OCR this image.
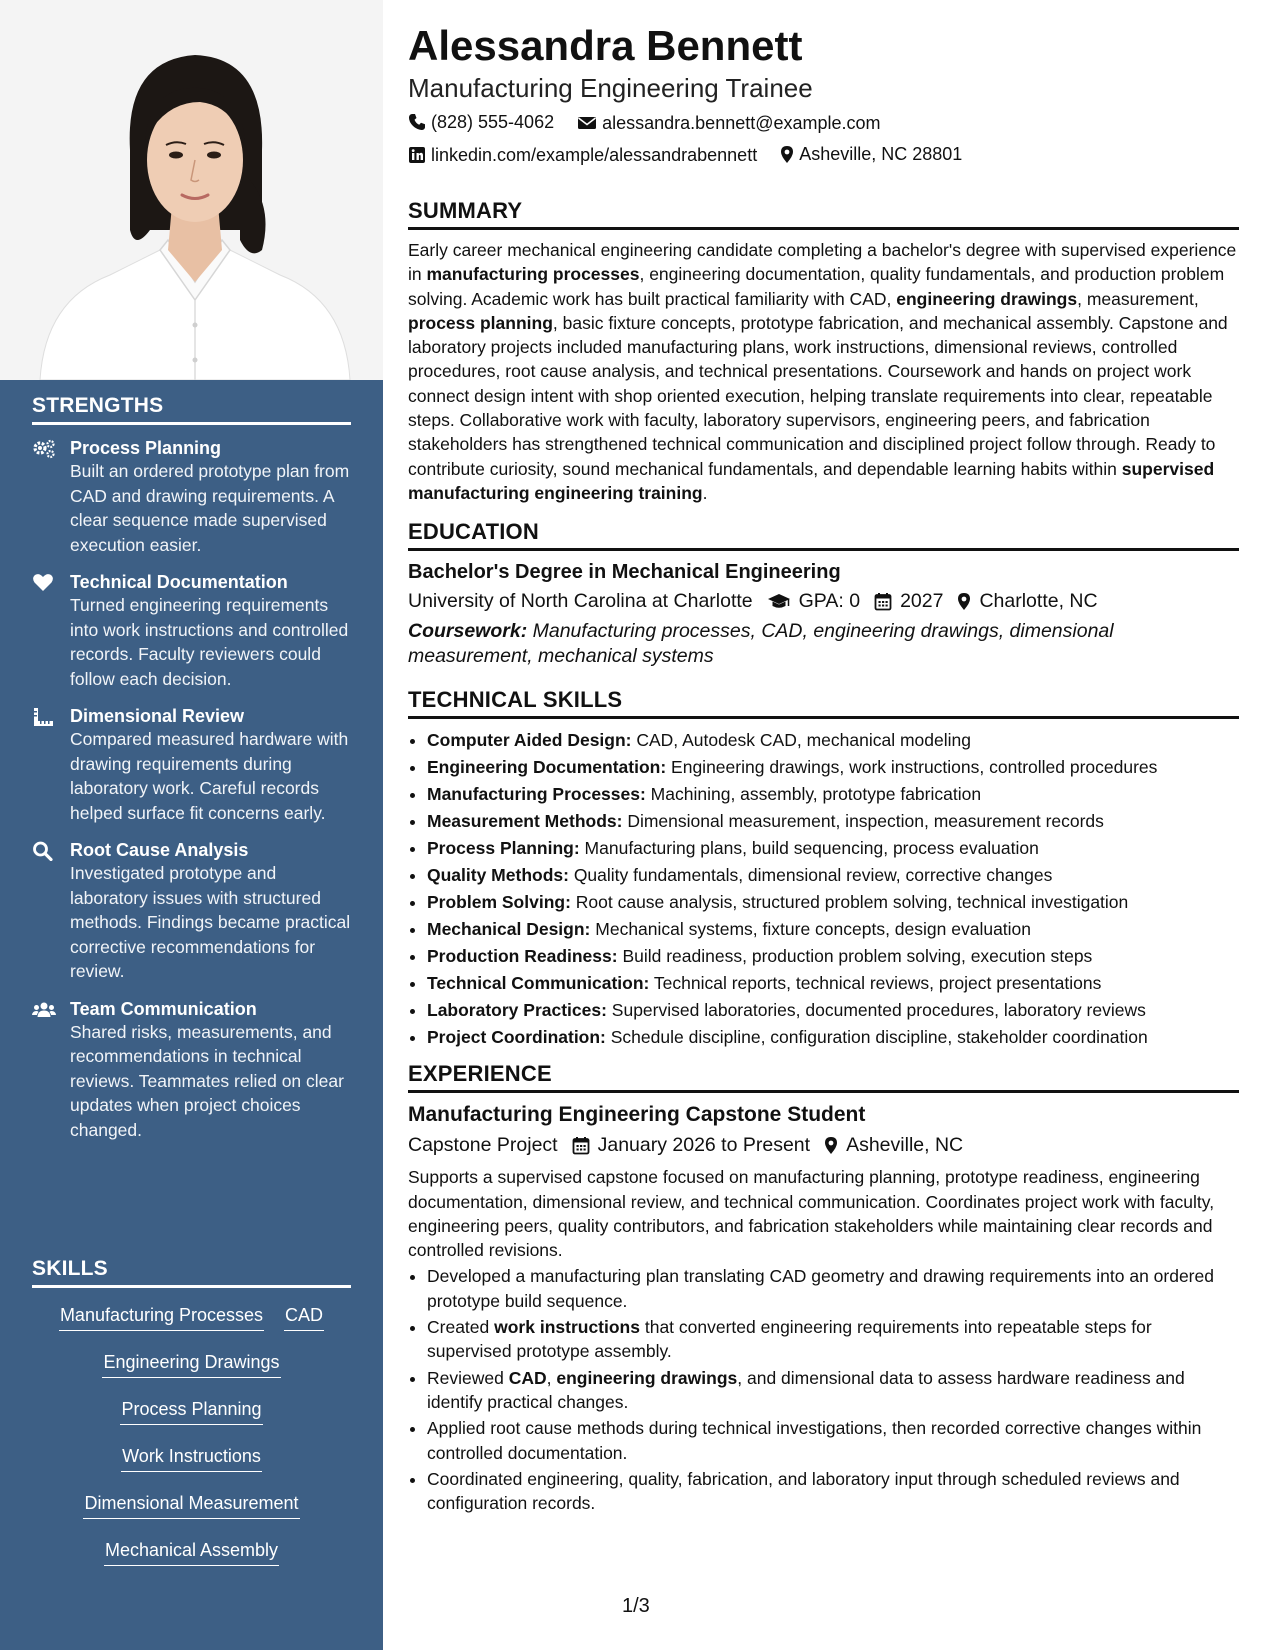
STRENGTHS
Process Planning
Built an ordered prototype plan from CAD and drawing requirements. A clear sequence made supervised execution easier.
Technical Documentation
Turned engineering requirements into work instructions and controlled records. Faculty reviewers could follow each decision.
Dimensional Review
Compared measured hardware with drawing requirements during laboratory work. Careful records helped surface fit concerns early.
Root Cause Analysis
Investigated prototype and laboratory issues with structured methods. Findings became practical corrective recommendations for review.
Team Communication
Shared risks, measurements, and recommendations in technical reviews. Teammates relied on clear updates when project choices changed.
SKILLS
Manufacturing Processes CAD
Engineering Drawings
Process Planning
Work Instructions
Dimensional Measurement
Mechanical Assembly
Alessandra Bennett
Manufacturing Engineering Trainee
(828) 555-4062
	alessandra.bennett@example.com
linkedin.com/example/alessandrabennett
Asheville, NC 28801
SUMMARY
Early career mechanical engineering candidate completing a bachelor's degree with supervised experience in manufacturing processes, engineering documentation, quality fundamentals, and production problem solving. Academic work has built practical familiarity with CAD, engineering drawings, measurement, process planning, basic fixture concepts, prototype fabrication, and mechanical assembly. Capstone and laboratory projects included manufacturing plans, work instructions, dimensional reviews, controlled procedures, root cause analysis, and technical presentations. Coursework and hands on project work connect design intent with shop oriented execution, helping translate requirements into clear, repeatable steps. Collaborative work with faculty, laboratory supervisors, engineering peers, and fabrication stakeholders has strengthened technical communication and disciplined project follow through. Ready to contribute curiosity, sound mechanical fundamentals, and dependable learning habits within supervised manufacturing engineering training.
EDUCATION
Bachelor's Degree in Mechanical Engineering
University of North Carolina at Charlotte GPA: 0 2027 Charlotte, NC
Coursework: Manufacturing processes, CAD, engineering drawings, dimensional measurement, mechanical systems
TECHNICAL SKILLS
• Computer Aided Design: CAD, Autodesk CAD, mechanical modeling
• Engineering Documentation: Engineering drawings, work instructions, controlled procedures
• Manufacturing Processes: Machining, assembly, prototype fabrication
• Measurement Methods: Dimensional measurement, inspection, measurement records
• Process Planning: Manufacturing plans, build sequencing, process evaluation
• Quality Methods: Quality fundamentals, dimensional review, corrective changes
• Problem Solving: Root cause analysis, structured problem solving, technical investigation
• Mechanical Design: Mechanical systems, fixture concepts, design evaluation
• Production Readiness: Build readiness, production problem solving, execution steps
• Technical Communication: Technical reports, technical reviews, project presentations
• Laboratory Practices: Supervised laboratories, documented procedures, laboratory reviews
• Project Coordination: Schedule discipline, configuration discipline, stakeholder coordination
EXPERIENCE
Manufacturing Engineering Capstone Student
Capstone Project January 2026 to Present Asheville, NC
Supports a supervised capstone focused on manufacturing planning, prototype readiness, engineering documentation, dimensional review, and technical communication. Coordinates project work with faculty, engineering peers, quality contributors, and fabrication stakeholders while maintaining clear records and controlled revisions.
• Developed a manufacturing plan translating CAD geometry and drawing requirements into an ordered prototype build sequence.
• Created work instructions that converted engineering requirements into repeatable steps for supervised prototype assembly.
• Reviewed CAD, engineering drawings, and dimensional data to assess hardware readiness and identify practical changes.
• Applied root cause methods during technical investigations, then recorded corrective changes within controlled documentation.
• Coordinated engineering, quality, fabrication, and laboratory input through scheduled reviews and configuration records.
1/3
